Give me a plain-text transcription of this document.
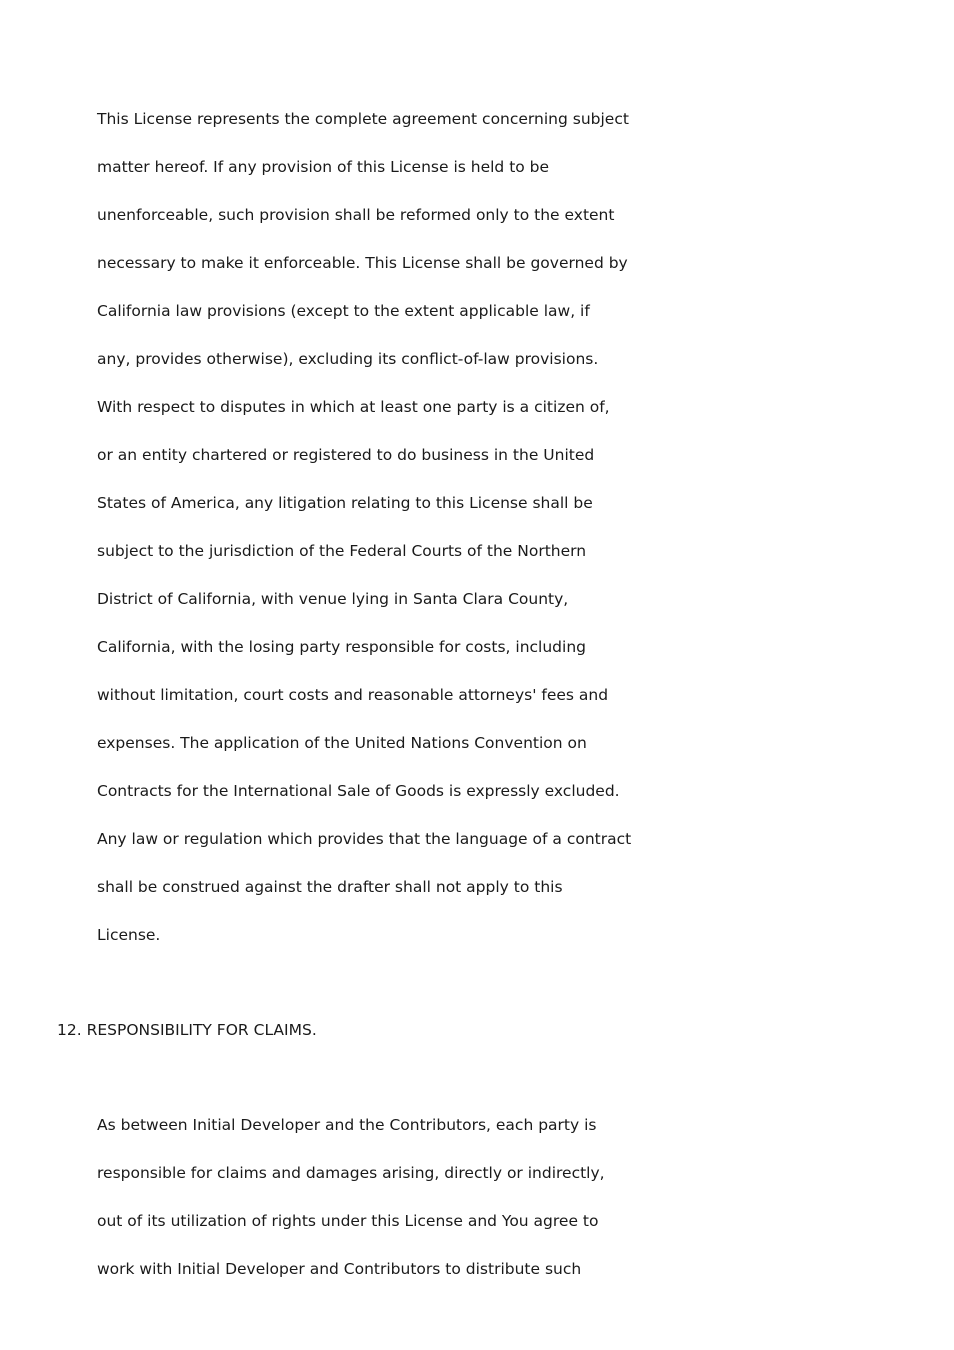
This License represents the complete agreement concerning subject
matter hereof. If any provision of this License is held to be
unenforceable, such provision shall be reformed only to the extent
necessary to make it enforceable. This License shall be governed by
California law provisions (except to the extent applicable law, if
any, provides otherwise), excluding its conflict-of-law provisions.
With respect to disputes in which at least one party is a citizen of,
or an entity chartered or registered to do business in the United
States of America, any litigation relating to this License shall be
subject to the jurisdiction of the Federal Courts of the Northern
District of California, with venue lying in Santa Clara County,
California, with the losing party responsible for costs, including
without limitation, court costs and reasonable attorneys' fees and
expenses. The application of the United Nations Convention on
Contracts for the International Sale of Goods is expressly excluded.
Any law or regulation which provides that the language of a contract
shall be construed against the drafter shall not apply to this
License.
12. RESPONSIBILITY FOR CLAIMS.
As between Initial Developer and the Contributors, each party is
responsible for claims and damages arising, directly or indirectly,
out of its utilization of rights under this License and You agree to
work with Initial Developer and Contributors to distribute such
